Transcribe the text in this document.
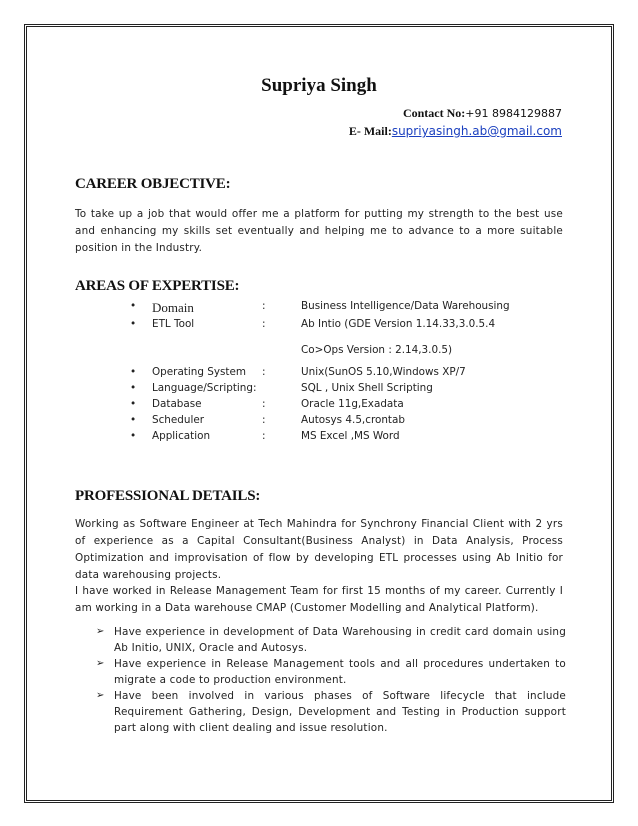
Supriya Singh
Contact No:+91 8984129887
E- Mail:supriyasingh.ab@gmail.com
CAREER OBJECTIVE:
To take up a job that would offer me a platform for putting my strength to the best use and enhancing my skills set eventually and helping me to advance to a more suitable position in the Industry.
AREAS OF EXPERTISE:
• Domain	:	Business Intelligence/Data Warehousing
• ETL Tool	:	Ab Intio (GDE Version 1.14.33,3.0.5.4
Co>Ops Version : 2.14,3.0.5)
• Operating System :	Unix(SunOS 5.10,Windows XP/7
• Language/Scripting:	SQL , Unix Shell Scripting
• Database	:	Oracle 11g,Exadata
• Scheduler	:	Autosys 4.5,crontab
• Application	:	MS Excel ,MS Word
PROFESSIONAL DETAILS:
Working as Software Engineer at Tech Mahindra for Synchrony Financial Client with 2 yrs of experience as a Capital Consultant(Business Analyst) in Data Analysis, Process Optimization and improvisation of flow by developing ETL processes using Ab Initio for data warehousing projects.
I have worked in Release Management Team for first 15 months of my career. Currently I am working in a Data warehouse CMAP (Customer Modelling and Analytical Platform).
➢ Have experience in development of Data Warehousing in credit card domain using Ab Initio, UNIX, Oracle and Autosys.
➢ Have experience in Release Management tools and all procedures undertaken to migrate a code to production environment.
➢ Have been involved in various phases of Software lifecycle that include Requirement Gathering, Design, Development and Testing in Production support part along with client dealing and issue resolution.
